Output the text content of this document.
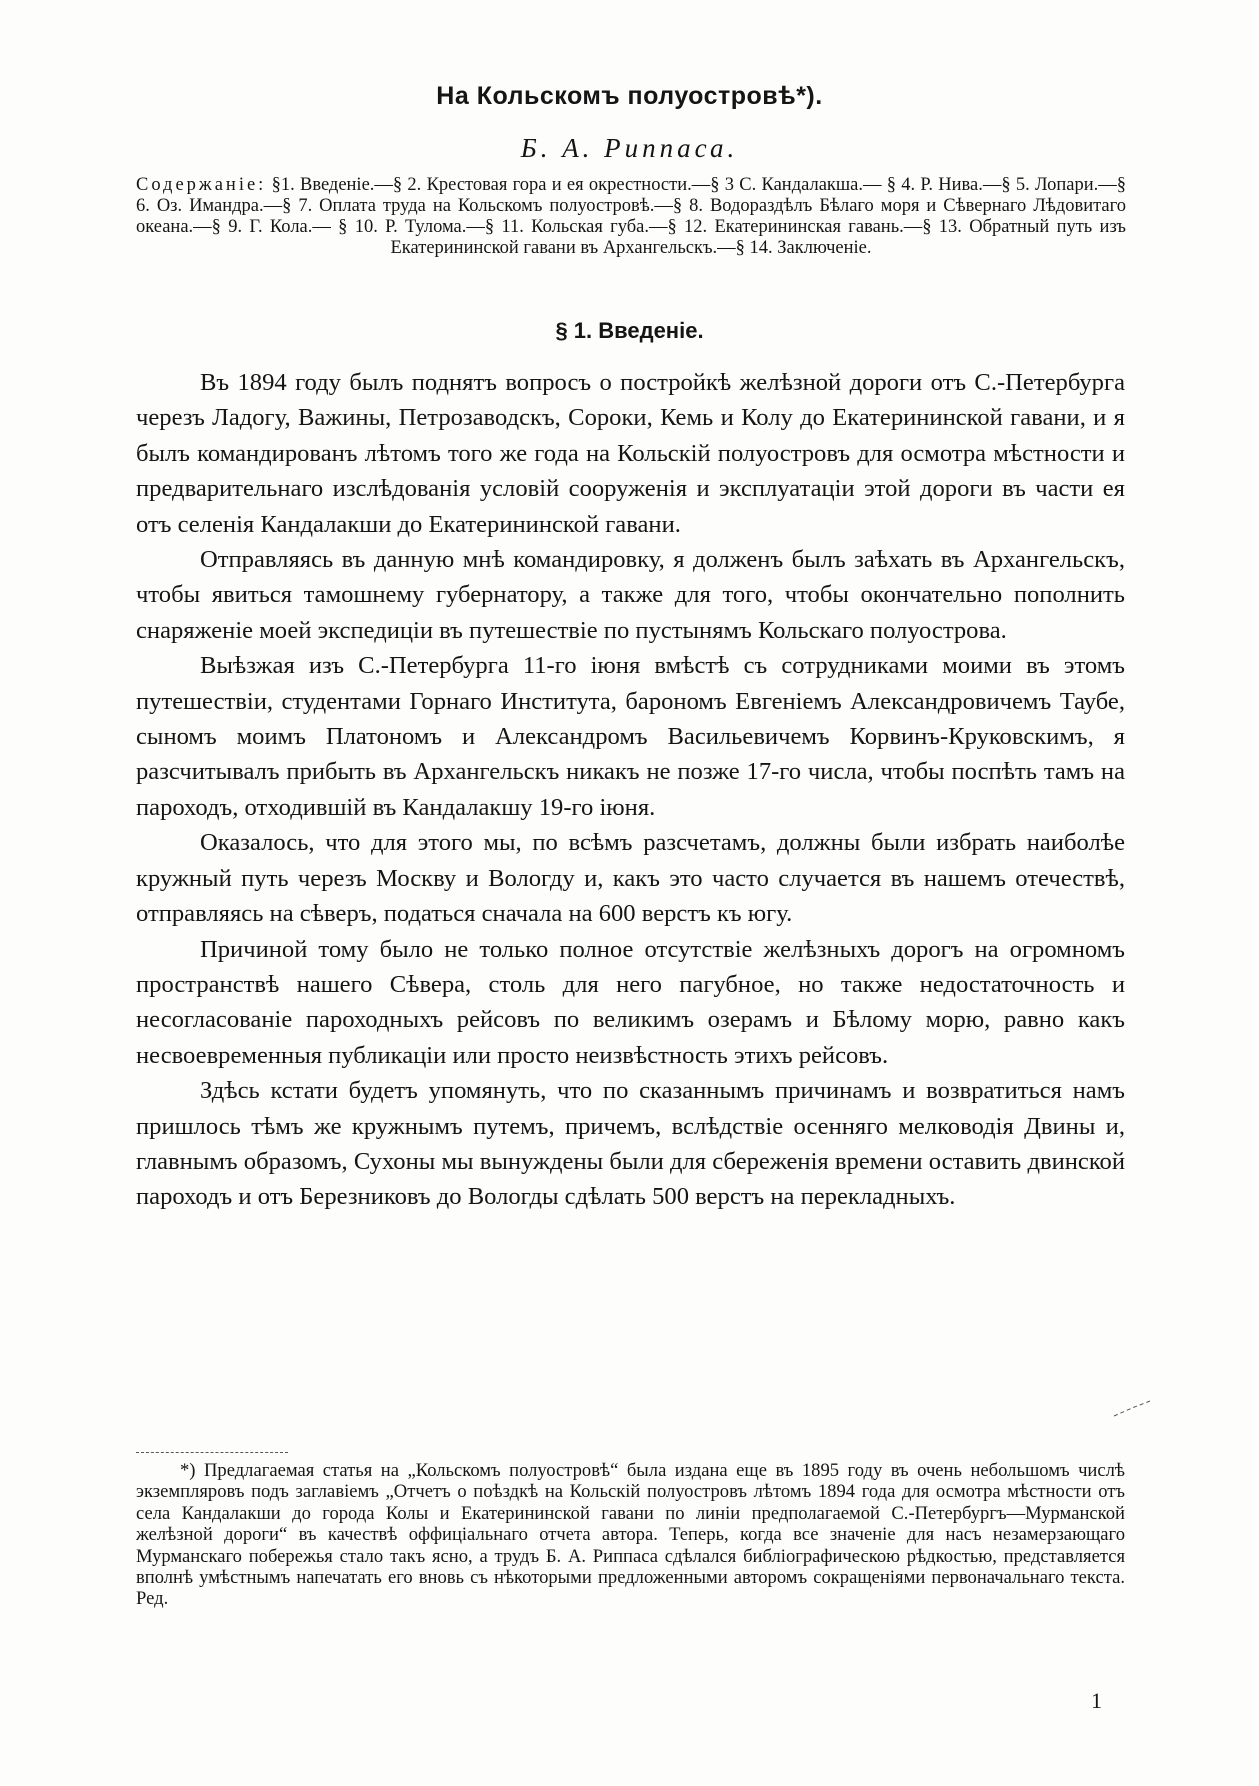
На Кольскомъ полуостровѣ*).
Б. А. Риппаса.
Содержаніе: §1. Введеніе.—§ 2. Крестовая гора и ея окрестности.—§ 3 С. Кандалакша.— § 4. Р. Нива.—§ 5. Лопари.—§ 6. Оз. Имандра.—§ 7. Оплата труда на Кольскомъ полуостровѣ.—§ 8. Водораздѣлъ Бѣлаго моря и Сѣвернаго Лѣдовитаго океана.—§ 9. Г. Кола.— § 10. Р. Тулома.—§ 11. Кольская губа.—§ 12. Екатерининская гавань.—§ 13. Обратный путь изъ Екатерининской гавани въ Архангельскъ.—§ 14. Заключеніе.
§ 1. Введеніе.

Въ 1894 году былъ поднятъ вопросъ о постройкѣ желѣзной дороги отъ С.-Петербурга черезъ Ладогу, Важины, Петрозаводскъ, Сороки, Кемь и Колу до Екатерининской гавани, и я былъ командированъ лѣтомъ того же года на Кольскій полуостровъ для осмотра мѣстности и предварительнаго изслѣдованія условій сооруженія и эксплуатаціи этой дороги въ части ея отъ селенія Кандалакши до Екатерининской гавани.

Отправляясь въ данную мнѣ командировку, я долженъ былъ заѣхать въ Архангельскъ, чтобы явиться тамошнему губернатору, а также для того, чтобы окончательно пополнить снаряженіе моей экспедиціи въ путешествіе по пустынямъ Кольскаго полуострова.

Выѣзжая изъ С.-Петербурга 11-го іюня вмѣстѣ съ сотрудниками моими въ этомъ путешествіи, студентами Горнаго Института, барономъ Евгеніемъ Александровичемъ Таубе, сыномъ моимъ Платономъ и Александромъ Васильевичемъ Корвинъ-Круковскимъ, я разсчитывалъ прибыть въ Архангельскъ никакъ не позже 17-го числа, чтобы поспѣть тамъ на пароходъ, отходившій въ Кандалакшу 19-го іюня.

Оказалось, что для этого мы, по всѣмъ разсчетамъ, должны были избрать наиболѣе кружный путь черезъ Москву и Вологду и, какъ это часто случается въ нашемъ отечествѣ, отправляясь на сѣверъ, податься сначала на 600 верстъ къ югу.

Причиной тому было не только полное отсутствіе желѣзныхъ дорогъ на огромномъ пространствѣ нашего Сѣвера, столь для него пагубное, но также недостаточность и несогласованіе пароходныхъ рейсовъ по великимъ озерамъ и Бѣлому морю, равно какъ несвоевременныя публикаціи или просто неизвѣстность этихъ рейсовъ.

Здѣсь кстати будетъ упомянуть, что по сказаннымъ причинамъ и возвратиться намъ пришлось тѣмъ же кружнымъ путемъ, причемъ, вслѣдствіе осенняго мелководія Двины и, главнымъ образомъ, Сухоны мы вынуждены были для сбереженія времени оставить двинской пароходъ и отъ Березниковъ до Вологды сдѣлать 500 верстъ на перекладныхъ.

*) Предлагаемая статья на „Кольскомъ полуостровѣ“ была издана еще въ 1895 году въ очень небольшомъ числѣ экземпляровъ подъ заглавіемъ „Отчетъ о поѣздкѣ на Кольскій полуостровъ лѣтомъ 1894 года для осмотра мѣстности отъ села Кандалакши до города Колы и Екатерининской гавани по линіи предполагаемой С.-Петербургъ—Мурманской желѣзной дороги“ въ качествѣ оффиціальнаго отчета автора. Теперь, когда все значеніе для насъ незамерзающаго Мурманскаго побережья стало такъ ясно, а трудъ Б. А. Риппаса сдѣлался библіографическою рѣдкостью, представляется вполнѣ умѣстнымъ напечатать его вновь съ нѣкоторыми предложенными авторомъ сокращеніями первоначальнаго текста. Ред.

1
